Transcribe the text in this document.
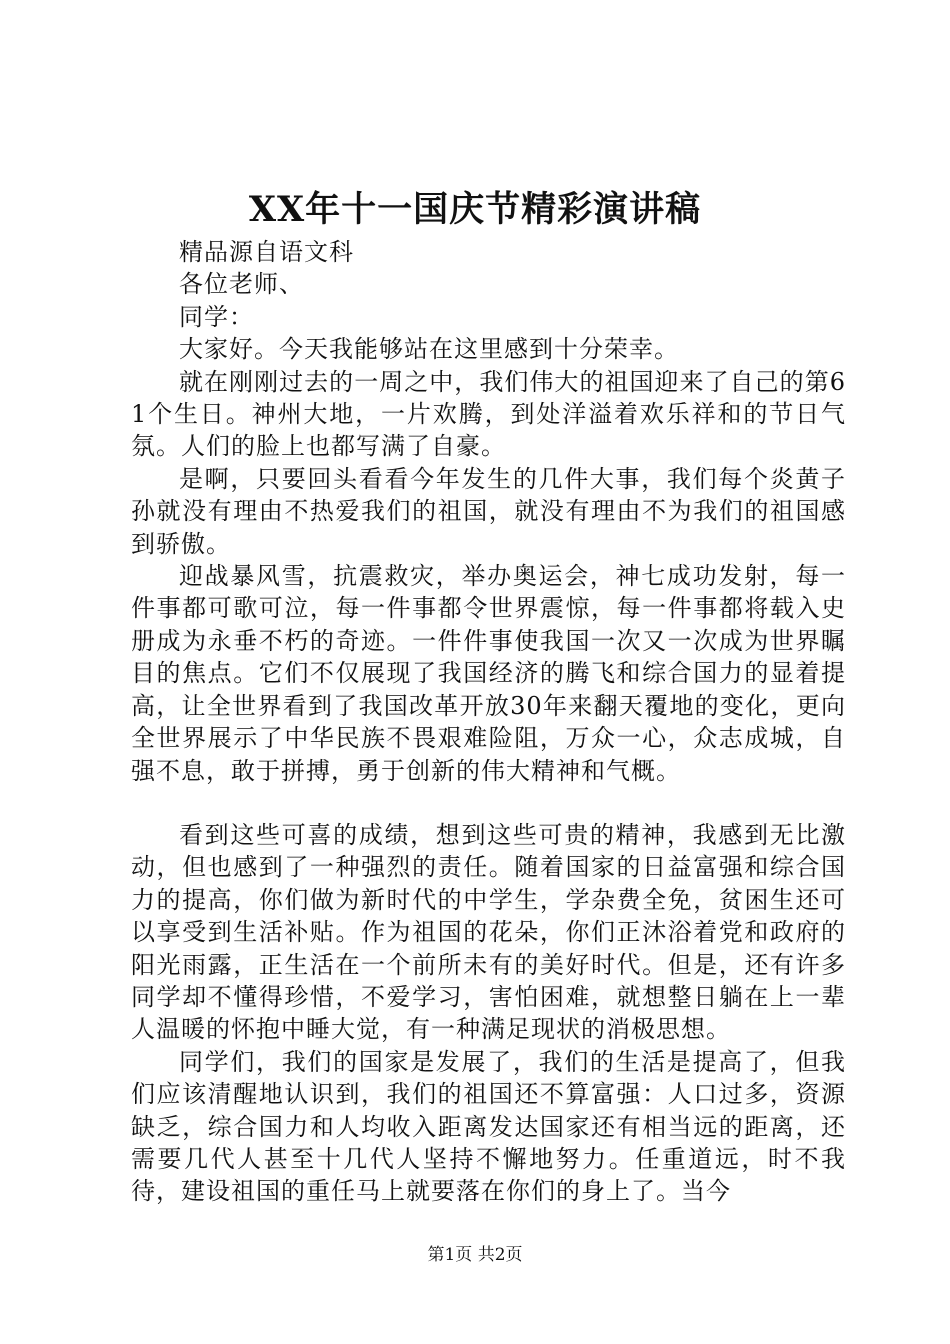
XX年十一国庆节精彩演讲稿

精品源自语文科

各位老师、

同学：

大家好。今天我能够站在这里感到十分荣幸。

就在刚刚过去的一周之中，我们伟大的祖国迎来了自己的第61个生日。神州大地，一片欢腾，到处洋溢着欢乐祥和的节日气氛。人们的脸上也都写满了自豪。

是啊，只要回头看看今年发生的几件大事，我们每个炎黄子孙就没有理由不热爱我们的祖国，就没有理由不为我们的祖国感到骄傲。

迎战暴风雪，抗震救灾，举办奥运会，神七成功发射，每一件事都可歌可泣，每一件事都令世界震惊，每一件事都将载入史册成为永垂不朽的奇迹。一件件事使我国一次又一次成为世界瞩目的焦点。它们不仅展现了我国经济的腾飞和综合国力的显着提高，让全世界看到了我国改革开放30年来翻天覆地的变化，更向全世界展示了中华民族不畏艰难险阻，万众一心，众志成城，自强不息，敢于拼搏，勇于创新的伟大精神和气概。

看到这些可喜的成绩，想到这些可贵的精神，我感到无比激动，但也感到了一种强烈的责任。随着国家的日益富强和综合国力的提高，你们做为新时代的中学生，学杂费全免，贫困生还可以享受到生活补贴。作为祖国的花朵，你们正沐浴着党和政府的阳光雨露，正生活在一个前所未有的美好时代。但是，还有许多同学却不懂得珍惜，不爱学习，害怕困难，就想整日躺在上一辈人温暖的怀抱中睡大觉，有一种满足现状的消极思想。

同学们，我们的国家是发展了，我们的生活是提高了，但我们应该清醒地认识到，我们的祖国还不算富强：人口过多，资源缺乏，综合国力和人均收入距离发达国家还有相当远的距离，还需要几代人甚至十几代人坚持不懈地努力。任重道远，时不我待，建设祖国的重任马上就要落在你们的身上了。当今

第1页 共2页
